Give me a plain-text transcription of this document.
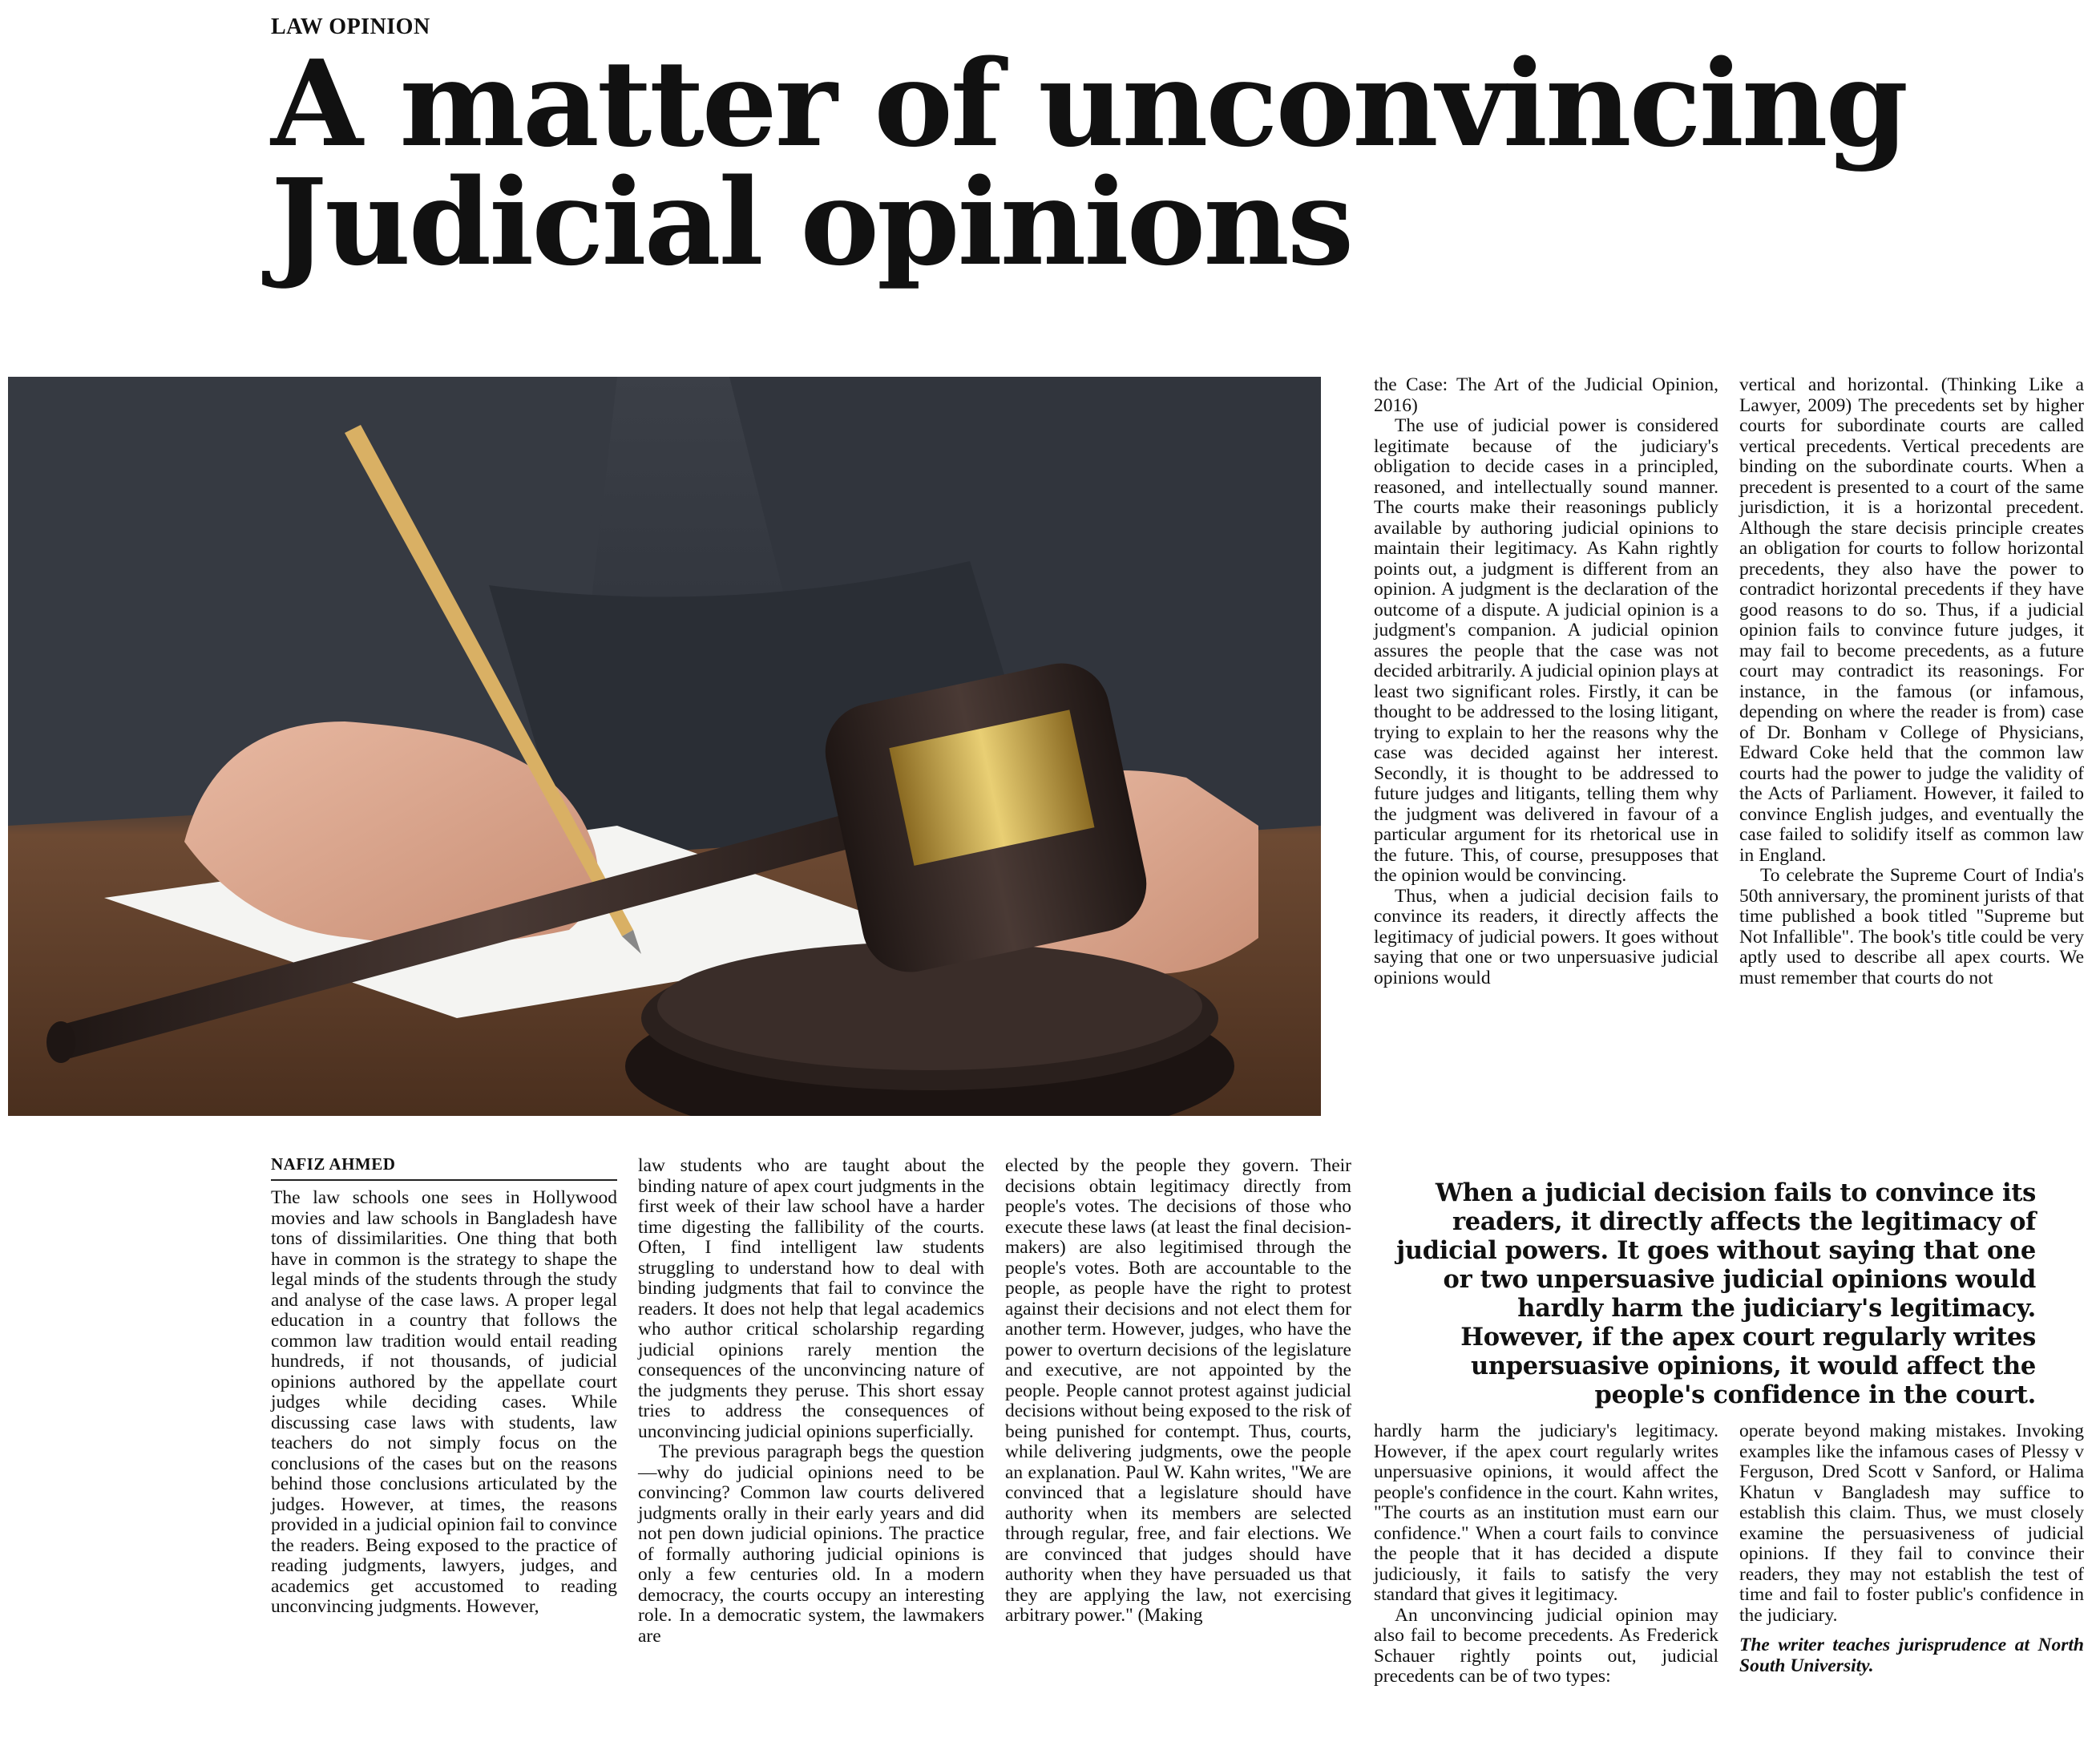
LAW OPINION
A matter of unconvincing Judicial opinions

the Case: The Art of the Judicial Opinion, 2016)

The use of judicial power is considered legitimate because of the judiciary's obligation to decide cases in a principled, reasoned, and intellectually sound manner. The courts make their reasonings publicly available by authoring judicial opinions to maintain their legitimacy. As Kahn rightly points out, a judgment is different from an opinion. A judgment is the declaration of the outcome of a dispute. A judicial opinion is a judgment's companion. A judicial opinion assures the people that the case was not decided arbitrarily. A judicial opinion plays at least two significant roles. Firstly, it can be thought to be addressed to the losing litigant, trying to explain to her the reasons why the case was decided against her interest. Secondly, it is thought to be addressed to future judges and litigants, telling them why the judgment was delivered in favour of a particular argument for its rhetorical use in the future. This, of course, presupposes that the opinion would be convincing.

Thus, when a judicial decision fails to convince its readers, it directly affects the legitimacy of judicial powers. It goes without saying that one or two unpersuasive judicial opinions would

vertical and horizontal. (Thinking Like a Lawyer, 2009) The precedents set by higher courts for subordinate courts are called vertical precedents. Vertical precedents are binding on the subordinate courts. When a precedent is presented to a court of the same jurisdiction, it is a horizontal precedent. Although the stare decisis principle creates an obligation for courts to follow horizontal precedents, they also have the power to contradict horizontal precedents if they have good reasons to do so. Thus, if a judicial opinion fails to convince future judges, it may fail to become precedents, as a future court may contradict its reasonings. For instance, in the famous (or infamous, depending on where the reader is from) case of Dr. Bonham v College of Physicians, Edward Coke held that the common law courts had the power to judge the validity of the Acts of Parliament. However, it failed to convince English judges, and eventually the case failed to solidify itself as common law in England.

To celebrate the Supreme Court of India's 50th anniversary, the prominent jurists of that time published a book titled "Supreme but Not Infallible". The book's title could be very aptly used to describe all apex courts. We must remember that courts do not

NAFIZ AHMED

The law schools one sees in Hollywood movies and law schools in Bangladesh have tons of dissimilarities. One thing that both have in common is the strategy to shape the legal minds of the students through the study and analyse of the case laws. A proper legal education in a country that follows the common law tradition would entail reading hundreds, if not thousands, of judicial opinions authored by the appellate court judges while deciding cases. While discussing case laws with students, law teachers do not simply focus on the conclusions of the cases but on the reasons behind those conclusions articulated by the judges. However, at times, the reasons provided in a judicial opinion fail to convince the readers. Being exposed to the practice of reading judgments, lawyers, judges, and academics get accustomed to reading unconvincing judgments. However,

law students who are taught about the binding nature of apex court judgments in the first week of their law school have a harder time digesting the fallibility of the courts. Often, I find intelligent law students struggling to understand how to deal with binding judgments that fail to convince the readers. It does not help that legal academics who author critical scholarship regarding judicial opinions rarely mention the consequences of the unconvincing nature of the judgments they peruse. This short essay tries to address the consequences of unconvincing judicial opinions superficially.

The previous paragraph begs the question—why do judicial opinions need to be convincing? Common law courts delivered judgments orally in their early years and did not pen down judicial opinions. The practice of formally authoring judicial opinions is only a few centuries old. In a modern democracy, the courts occupy an interesting role. In a democratic system, the lawmakers are

elected by the people they govern. Their decisions obtain legitimacy directly from people's votes. The decisions of those who execute these laws (at least the final decision-makers) are also legitimised through the people's votes. Both are accountable to the people, as people have the right to protest against their decisions and not elect them for another term. However, judges, who have the power to overturn decisions of the legislature and executive, are not appointed by the people. People cannot protest against judicial decisions without being exposed to the risk of being punished for contempt. Thus, courts, while delivering judgments, owe the people an explanation. Paul W. Kahn writes, "We are convinced that a legislature should have authority when its members are selected through regular, free, and fair elections. We are convinced that judges should have authority when they have persuaded us that they are applying the law, not exercising arbitrary power." (Making

When a judicial decision fails to convince its readers, it directly affects the legitimacy of judicial powers. It goes without saying that one or two unpersuasive judicial opinions would hardly harm the judiciary's legitimacy. However, if the apex court regularly writes unpersuasive opinions, it would affect the people's confidence in the court.

hardly harm the judiciary's legitimacy. However, if the apex court regularly writes unpersuasive opinions, it would affect the people's confidence in the court. Kahn writes, "The courts as an institution must earn our confidence." When a court fails to convince the people that it has decided a dispute judiciously, it fails to satisfy the very standard that gives it legitimacy.

An unconvincing judicial opinion may also fail to become precedents. As Frederick Schauer rightly points out, judicial precedents can be of two types:

operate beyond making mistakes. Invoking examples like the infamous cases of Plessy v Ferguson, Dred Scott v Sanford, or Halima Khatun v Bangladesh may suffice to establish this claim. Thus, we must closely examine the persuasiveness of judicial opinions. If they fail to convince their readers, they may not establish the test of time and fail to foster public's confidence in the judiciary.

The writer teaches jurisprudence at North South University.
